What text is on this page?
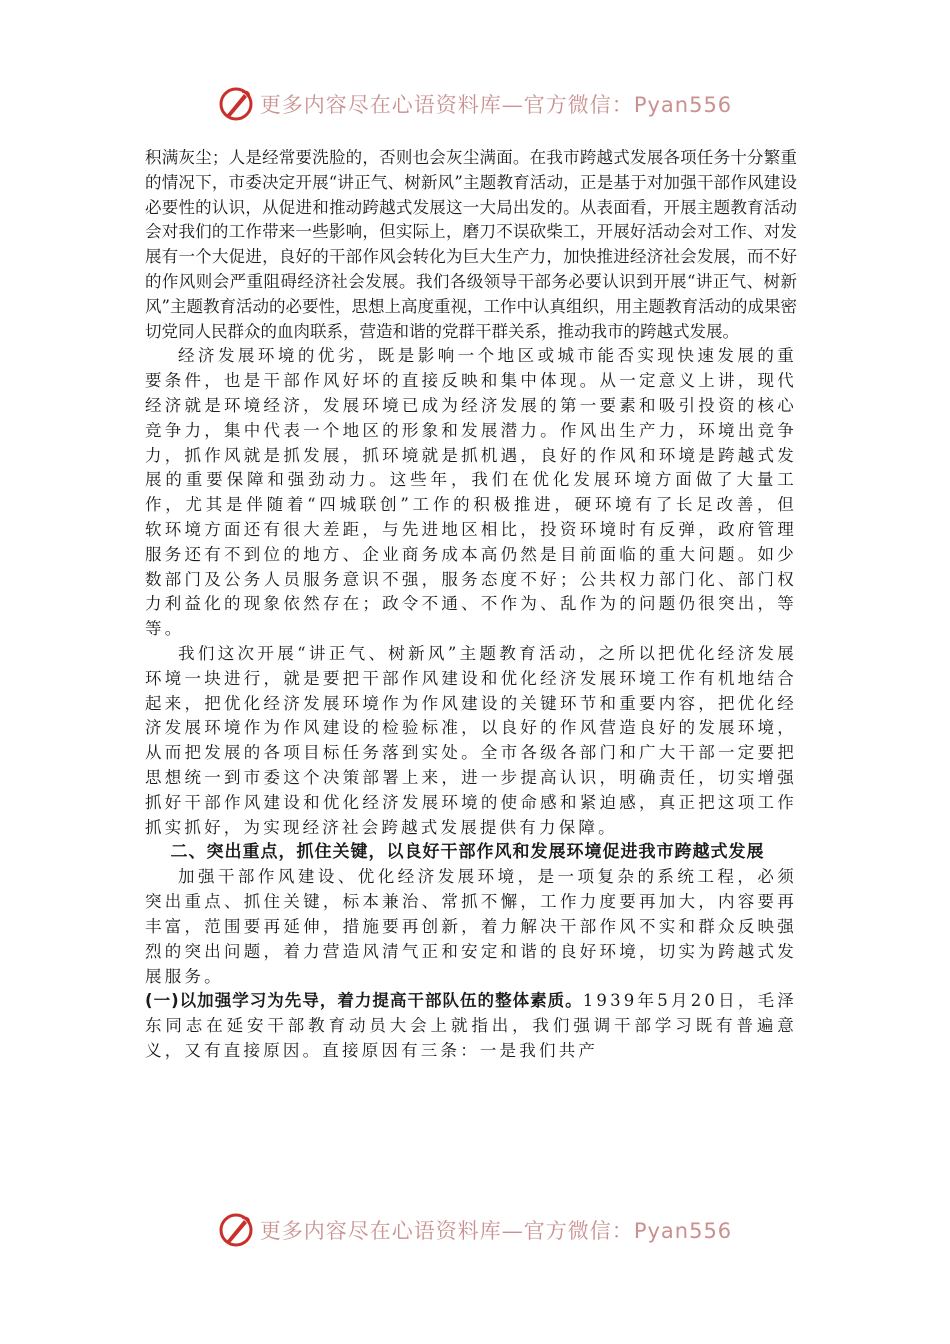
更多内容尽在心语资料库—官方微信：Pyan556

积满灰尘；人是经常要洗脸的，否则也会灰尘满面。在我市跨越式发展各项任务十分繁重的情况下，市委决定开展“讲正气、树新风”主题教育活动，正是基于对加强干部作风建设必要性的认识，从促进和推动跨越式发展这一大局出发的。从表面看，开展主题教育活动会对我们的工作带来一些影响，但实际上，磨刀不误砍柴工，开展好活动会对工作、对发展有一个大促进，良好的干部作风会转化为巨大生产力，加快推进经济社会发展，而不好的作风则会严重阻碍经济社会发展。我们各级领导干部务必要认识到开展“讲正气、树新风”主题教育活动的必要性，思想上高度重视，工作中认真组织，用主题教育活动的成果密切党同人民群众的血肉联系，营造和谐的党群干群关系，推动我市的跨越式发展。

经济发展环境的优劣，既是影响一个地区或城市能否实现快速发展的重要条件，也是干部作风好坏的直接反映和集中体现。从一定意义上讲，现代经济就是环境经济，发展环境已成为经济发展的第一要素和吸引投资的核心竞争力，集中代表一个地区的形象和发展潜力。作风出生产力，环境出竞争力，抓作风就是抓发展，抓环境就是抓机遇，良好的作风和环境是跨越式发展的重要保障和强劲动力。这些年，我们在优化发展环境方面做了大量工作，尤其是伴随着“四城联创”工作的积极推进，硬环境有了长足改善，但软环境方面还有很大差距，与先进地区相比，投资环境时有反弹，政府管理服务还有不到位的地方、企业商务成本高仍然是目前面临的重大问题。如少数部门及公务人员服务意识不强，服务态度不好；公共权力部门化、部门权力利益化的现象依然存在；政令不通、不作为、乱作为的问题仍很突出，等等。

我们这次开展“讲正气、树新风”主题教育活动，之所以把优化经济发展环境一块进行，就是要把干部作风建设和优化经济发展环境工作有机地结合起来，把优化经济发展环境作为作风建设的关键环节和重要内容，把优化经济发展环境作为作风建设的检验标准，以良好的作风营造良好的发展环境，从而把发展的各项目标任务落到实处。全市各级各部门和广大干部一定要把思想统一到市委这个决策部署上来，进一步提高认识，明确责任，切实增强抓好干部作风建设和优化经济发展环境的使命感和紧迫感，真正把这项工作抓实抓好，为实现经济社会跨越式发展提供有力保障。

二、突出重点，抓住关键，以良好干部作风和发展环境促进我市跨越式发展

加强干部作风建设、优化经济发展环境，是一项复杂的系统工程，必须突出重点、抓住关键，标本兼治、常抓不懈，工作力度要再加大，内容要再丰富，范围要再延伸，措施要再创新，着力解决干部作风不实和群众反映强烈的突出问题，着力营造风清气正和安定和谐的良好环境，切实为跨越式发展服务。

(一)以加强学习为先导，着力提高干部队伍的整体素质。1939年5月20日，毛泽东同志在延安干部教育动员大会上就指出，我们强调干部学习既有普遍意义，又有直接原因。直接原因有三条：一是我们共产

更多内容尽在心语资料库—官方微信：Pyan556
